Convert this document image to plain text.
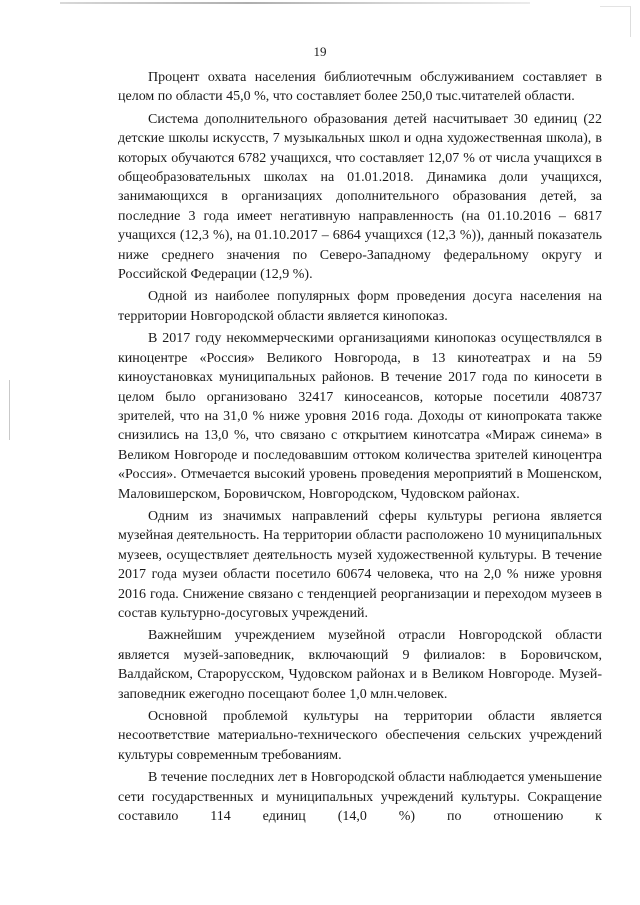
19

Процент охвата населения библиотечным обслуживанием составляет в целом по области 45,0 %, что составляет более 250,0 тыс.читателей области.

Система дополнительного образования детей насчитывает 30 единиц (22 детские школы искусств, 7 музыкальных школ и одна художественная школа), в которых обучаются 6782 учащихся, что составляет 12,07 % от числа учащихся в общеобразовательных школах на 01.01.2018. Динамика доли учащихся, занимающихся в организациях дополнительного образования детей, за последние 3 года имеет негативную направленность (на 01.10.2016 – 6817 учащихся (12,3 %), на 01.10.2017 – 6864 учащихся (12,3 %)), данный показатель ниже среднего значения по Северо-Западному федеральному округу и Российской Федерации (12,9 %).

Одной из наиболее популярных форм проведения досуга населения на территории Новгородской области является кинопоказ.

В 2017 году некоммерческими организациями кинопоказ осуществлялся в киноцентре «Россия» Великого Новгорода, в 13 кинотеатрах и на 59 киноустановках муниципальных районов. В течение 2017 года по киносети в целом было организовано 32417 киносеансов, которые посетили 408737 зрителей, что на 31,0 % ниже уровня 2016 года. Доходы от кинопроката также снизились на 13,0 %, что связано с открытием кинотсатра «Мираж синема» в Великом Новгороде и последовавшим оттоком количества зрителей киноцентра «Россия». Отмечается высокий уровень проведения мероприятий в Мошенском, Маловишерском, Боровичском, Новгородском, Чудовском районах.

Одним из значимых направлений сферы культуры региона является музейная деятельность. На территории области расположено 10 муниципальных музеев, осуществляет деятельность музей художественной культуры. В течение 2017 года музеи области посетило 60674 человека, что на 2,0 % ниже уровня 2016 года. Снижение связано с тенденцией реорганизации и переходом музеев в состав культурно-досуговых учреждений.

Важнейшим учреждением музейной отрасли Новгородской области является музей-заповедник, включающий 9 филиалов: в Боровичском, Валдайском, Старорусском, Чудовском районах и в Великом Новгороде. Музей-заповедник ежегодно посещают более 1,0 млн.человек.

Основной проблемой культуры на территории области является несоответствие материально-технического обеспечения сельских учреждений культуры современным требованиям.

В течение последних лет в Новгородской области наблюдается уменьшение сети государственных и муниципальных учреждений культуры. Сокращение составило 114 единиц (14,0 %) по отношению к
